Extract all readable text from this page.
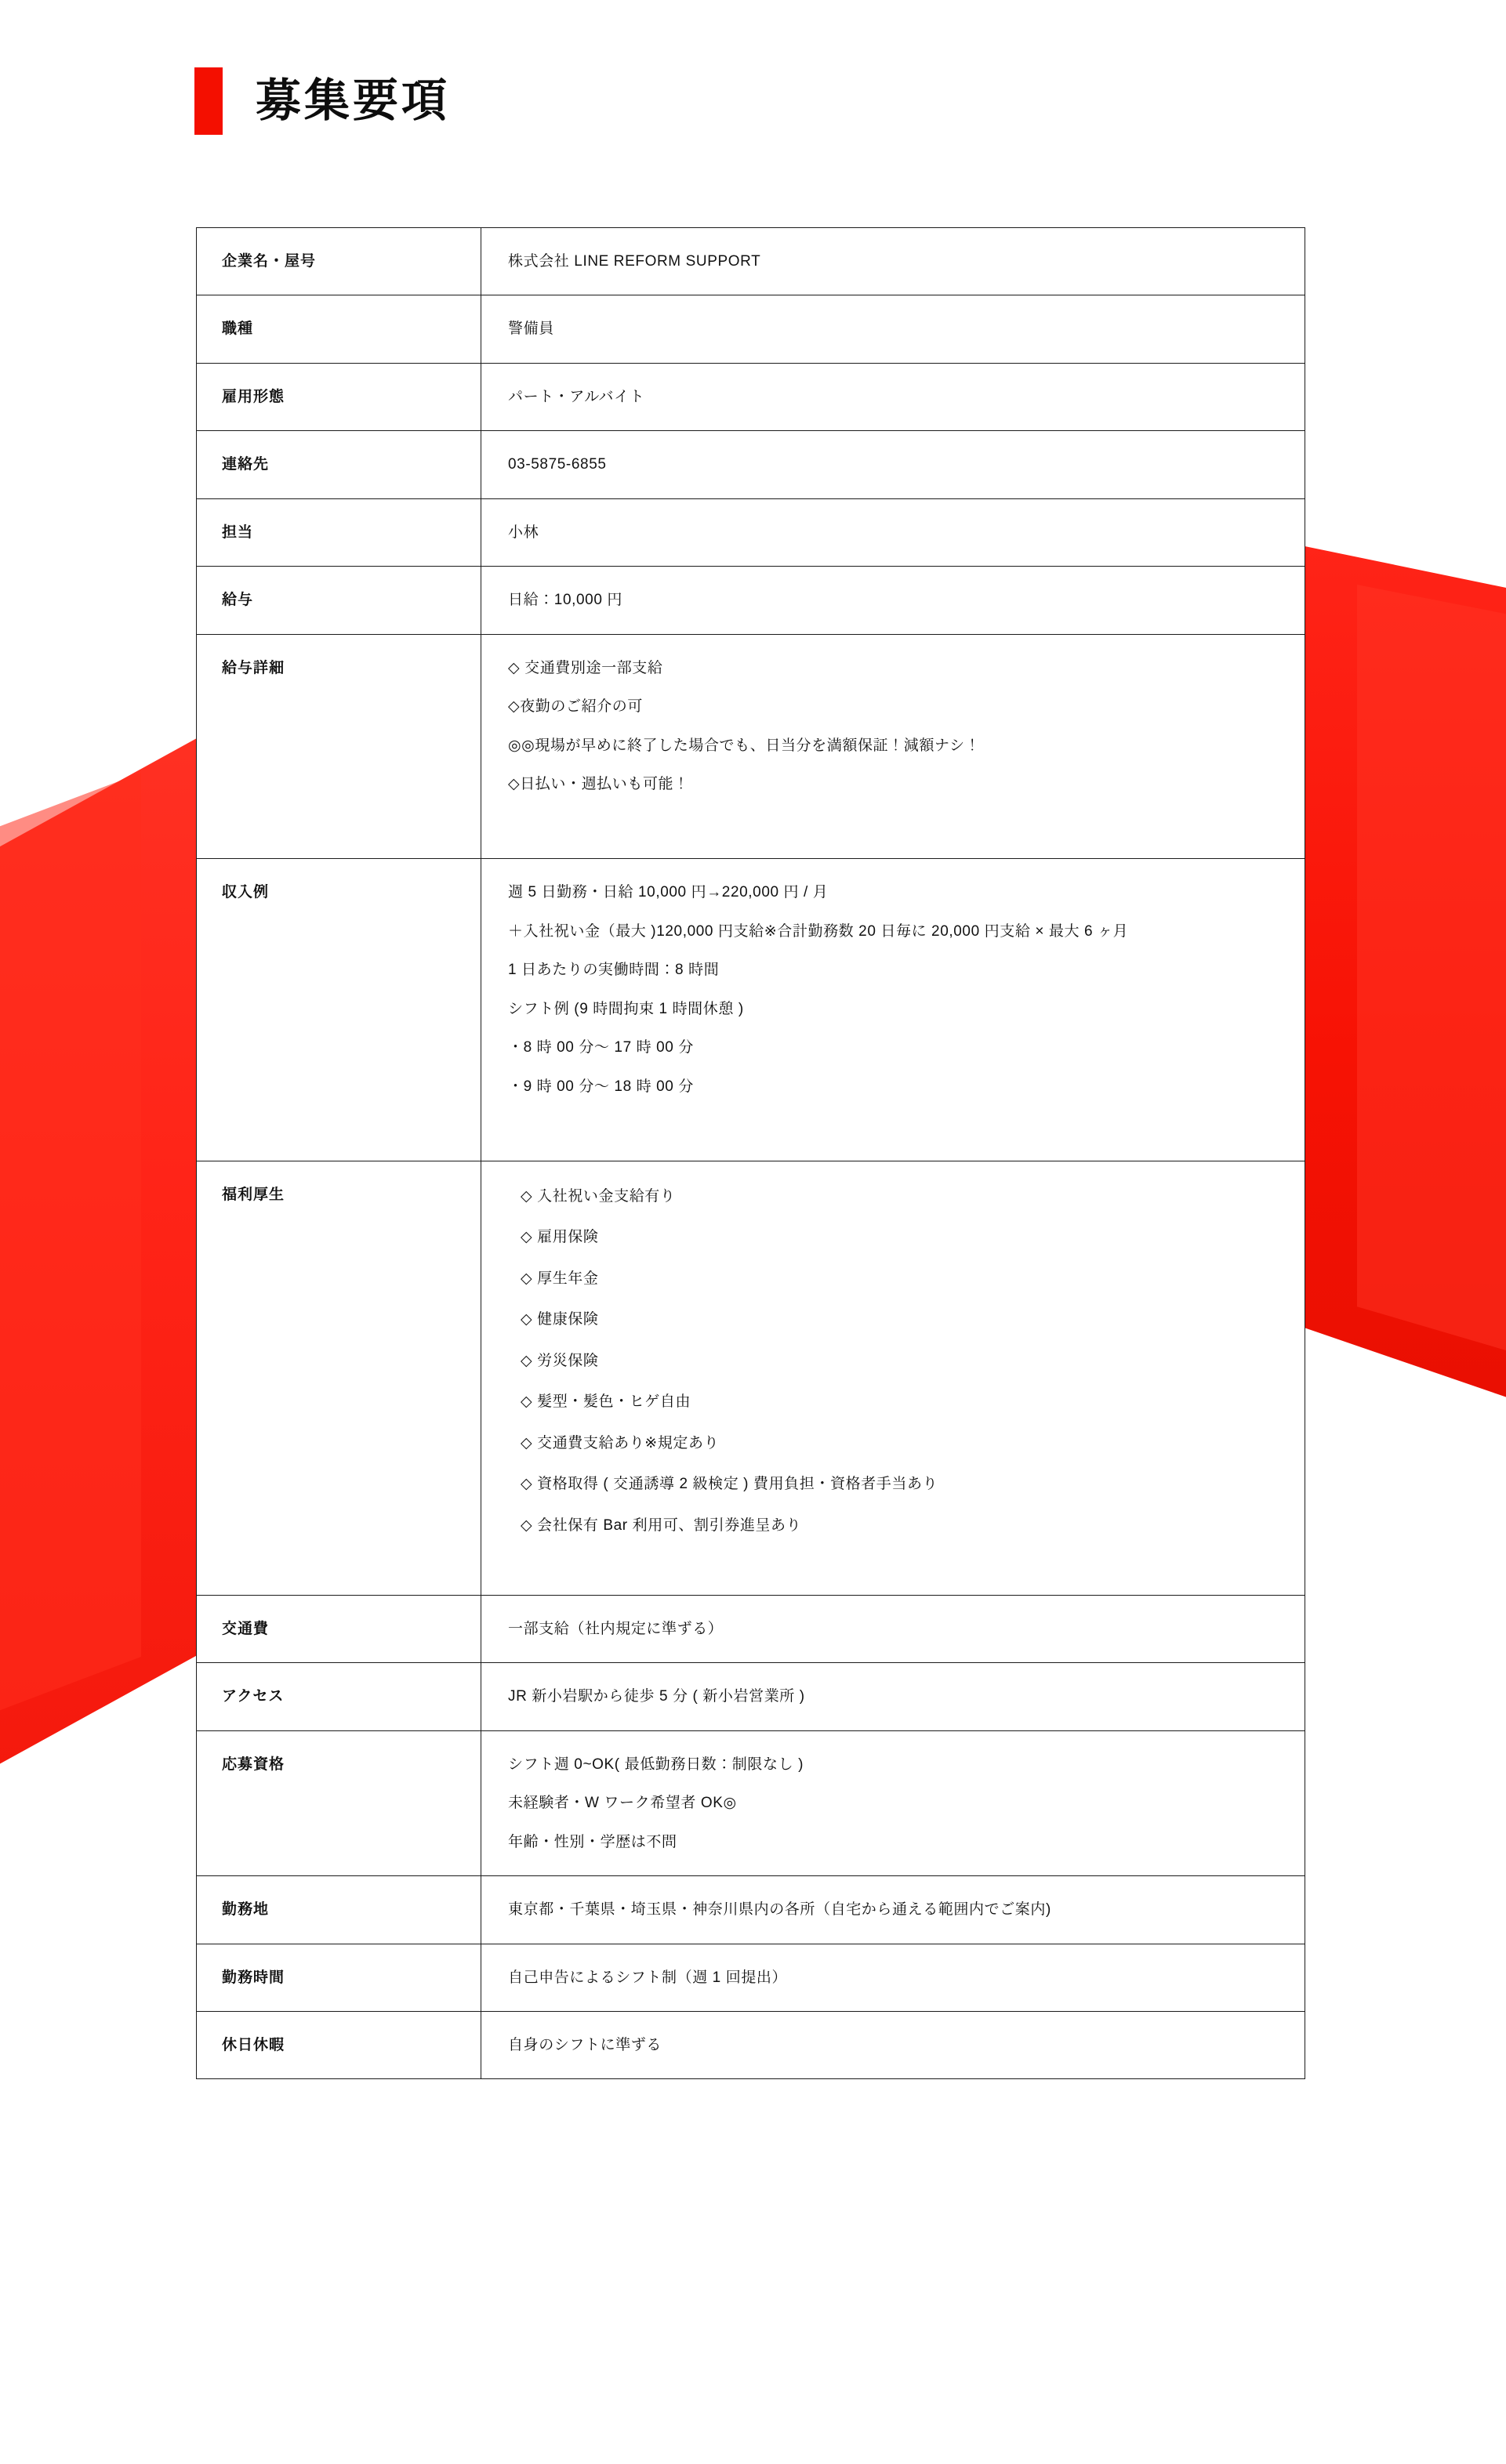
募集要項
企業名・屋号	株式会社 LINE REFORM SUPPORT

職種	警備員

雇用形態	パート・アルバイト

連絡先	03-5875-6855

担当	小林

給与	日給：10,000 円

給与詳細	◇ 交通費別途一部支給
◇夜勤のご紹介の可
◎◎現場が早めに終了した場合でも、日当分を満額保証！減額ナシ！
◇日払い・週払いも可能！

収入例	週 5 日勤務・日給 10,000 円→220,000 円 / 月
＋入社祝い金（最大 )120,000 円支給※合計勤務数 20 日毎に 20,000 円支給 × 最大 6 ヶ月
1 日あたりの実働時間：8 時間
シフト例 (9 時間拘束 1 時間休憩 )
・8 時 00 分〜 17 時 00 分
・9 時 00 分〜 18 時 00 分

福利厚生	◇ 入社祝い金支給有り
◇ 雇用保険
◇ 厚生年金
◇ 健康保険
◇ 労災保険
◇ 髪型・髪色・ヒゲ自由
◇ 交通費支給あり※規定あり
◇ 資格取得 ( 交通誘導 2 級検定 ) 費用負担・資格者手当あり
◇ 会社保有 Bar 利用可、割引券進呈あり

交通費	一部支給（社内規定に準ずる）

アクセス	JR 新小岩駅から徒歩 5 分 ( 新小岩営業所 )

応募資格	シフト週 0~OK( 最低勤務日数：制限なし )
未経験者・W ワーク希望者 OK◎
年齢・性別・学歴は不問

勤務地	東京都・千葉県・埼玉県・神奈川県内の各所（自宅から通える範囲内でご案内)

勤務時間	自己申告によるシフト制（週 1 回提出）

休日休暇	自身のシフトに準ずる
